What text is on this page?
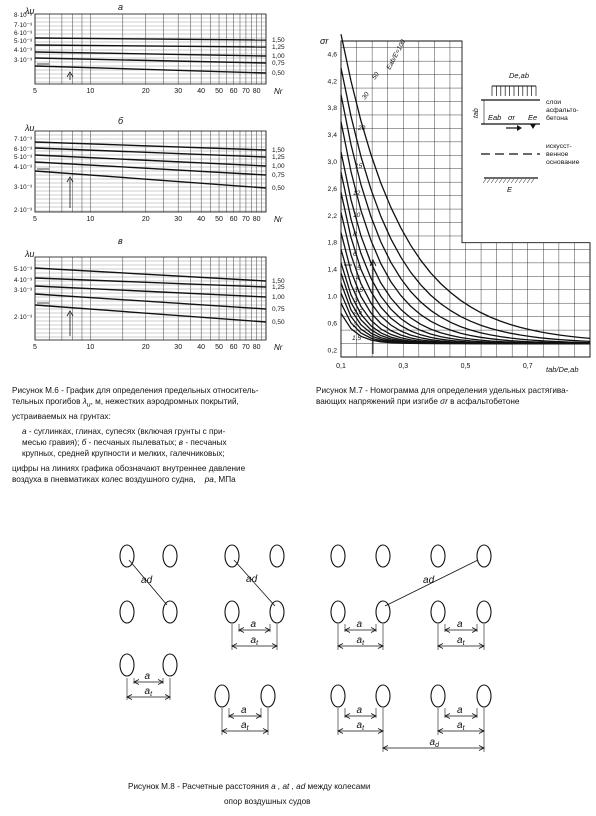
а
λu
8·10⁻³
7·10⁻³
6·10⁻³
5·10⁻³
4·10⁻³
3·10⁻³
1,50
1,25
1,00
0,75
0,50
5	10	20	30 40 50 60 70 80 Nr
б
λu
7·10⁻³
6·10⁻³
5·10⁻³
4·10⁻³
3·10⁻³
2·10⁻³
1,50
1,25
1,00
0,75
0,50
5	10	20	30 40 50 60 70 80 Nr
в
λu
5·10⁻³
4·10⁻³
3·10⁻³
2·10⁻³
1,50
1,25
1,00
0,75
0,50
5	10	20	30 40 50 60 70 80 Nr
σr
4,6
4,2
3,8
3,4
3,0
2,6
2,2
1,8
1,4
1,0
0,6
0,2
0,1	0,3	0,5	0,7 tab/De,ab
Eab/E=100
50
30
20
15
12
10
8
6
5
4
3,5
3
2,5
2
1,5
De,ab
tab Eab σr Ee
слои
асфальто-
бетона
искусст-
венное
основание
E
ad
a
$a_t$
ad
a
$a_t$
a
$a_t$
ad
a
$a_t$
a
$a_t$
a
$a_t$
a
$a_t$
$a_d$
Рисунок М.6 - График для определения предельных относитель-
тельных прогибов $\lambda_u$, м, нежестких аэродромных покрытий,
устраиваемых на грунтах:
а - суглинках, глинах, супесях (включая грунты с при-
месью гравия); б - песчаных пылеватых; в - песчаных
крупных, средней крупности и мелких, галечниковых;
цифры на линиях графика обозначают внутреннее давление
воздуха в пневматиках колес воздушного судна, pa, МПа
Рисунок М.7 - Номограмма для определения удельных растягива-
вающих напряжений при изгибе σr в асфальтобетоне
Рисунок М.8 - Расчетные расстояния a , at , ad между колесами
опор воздушных судов
